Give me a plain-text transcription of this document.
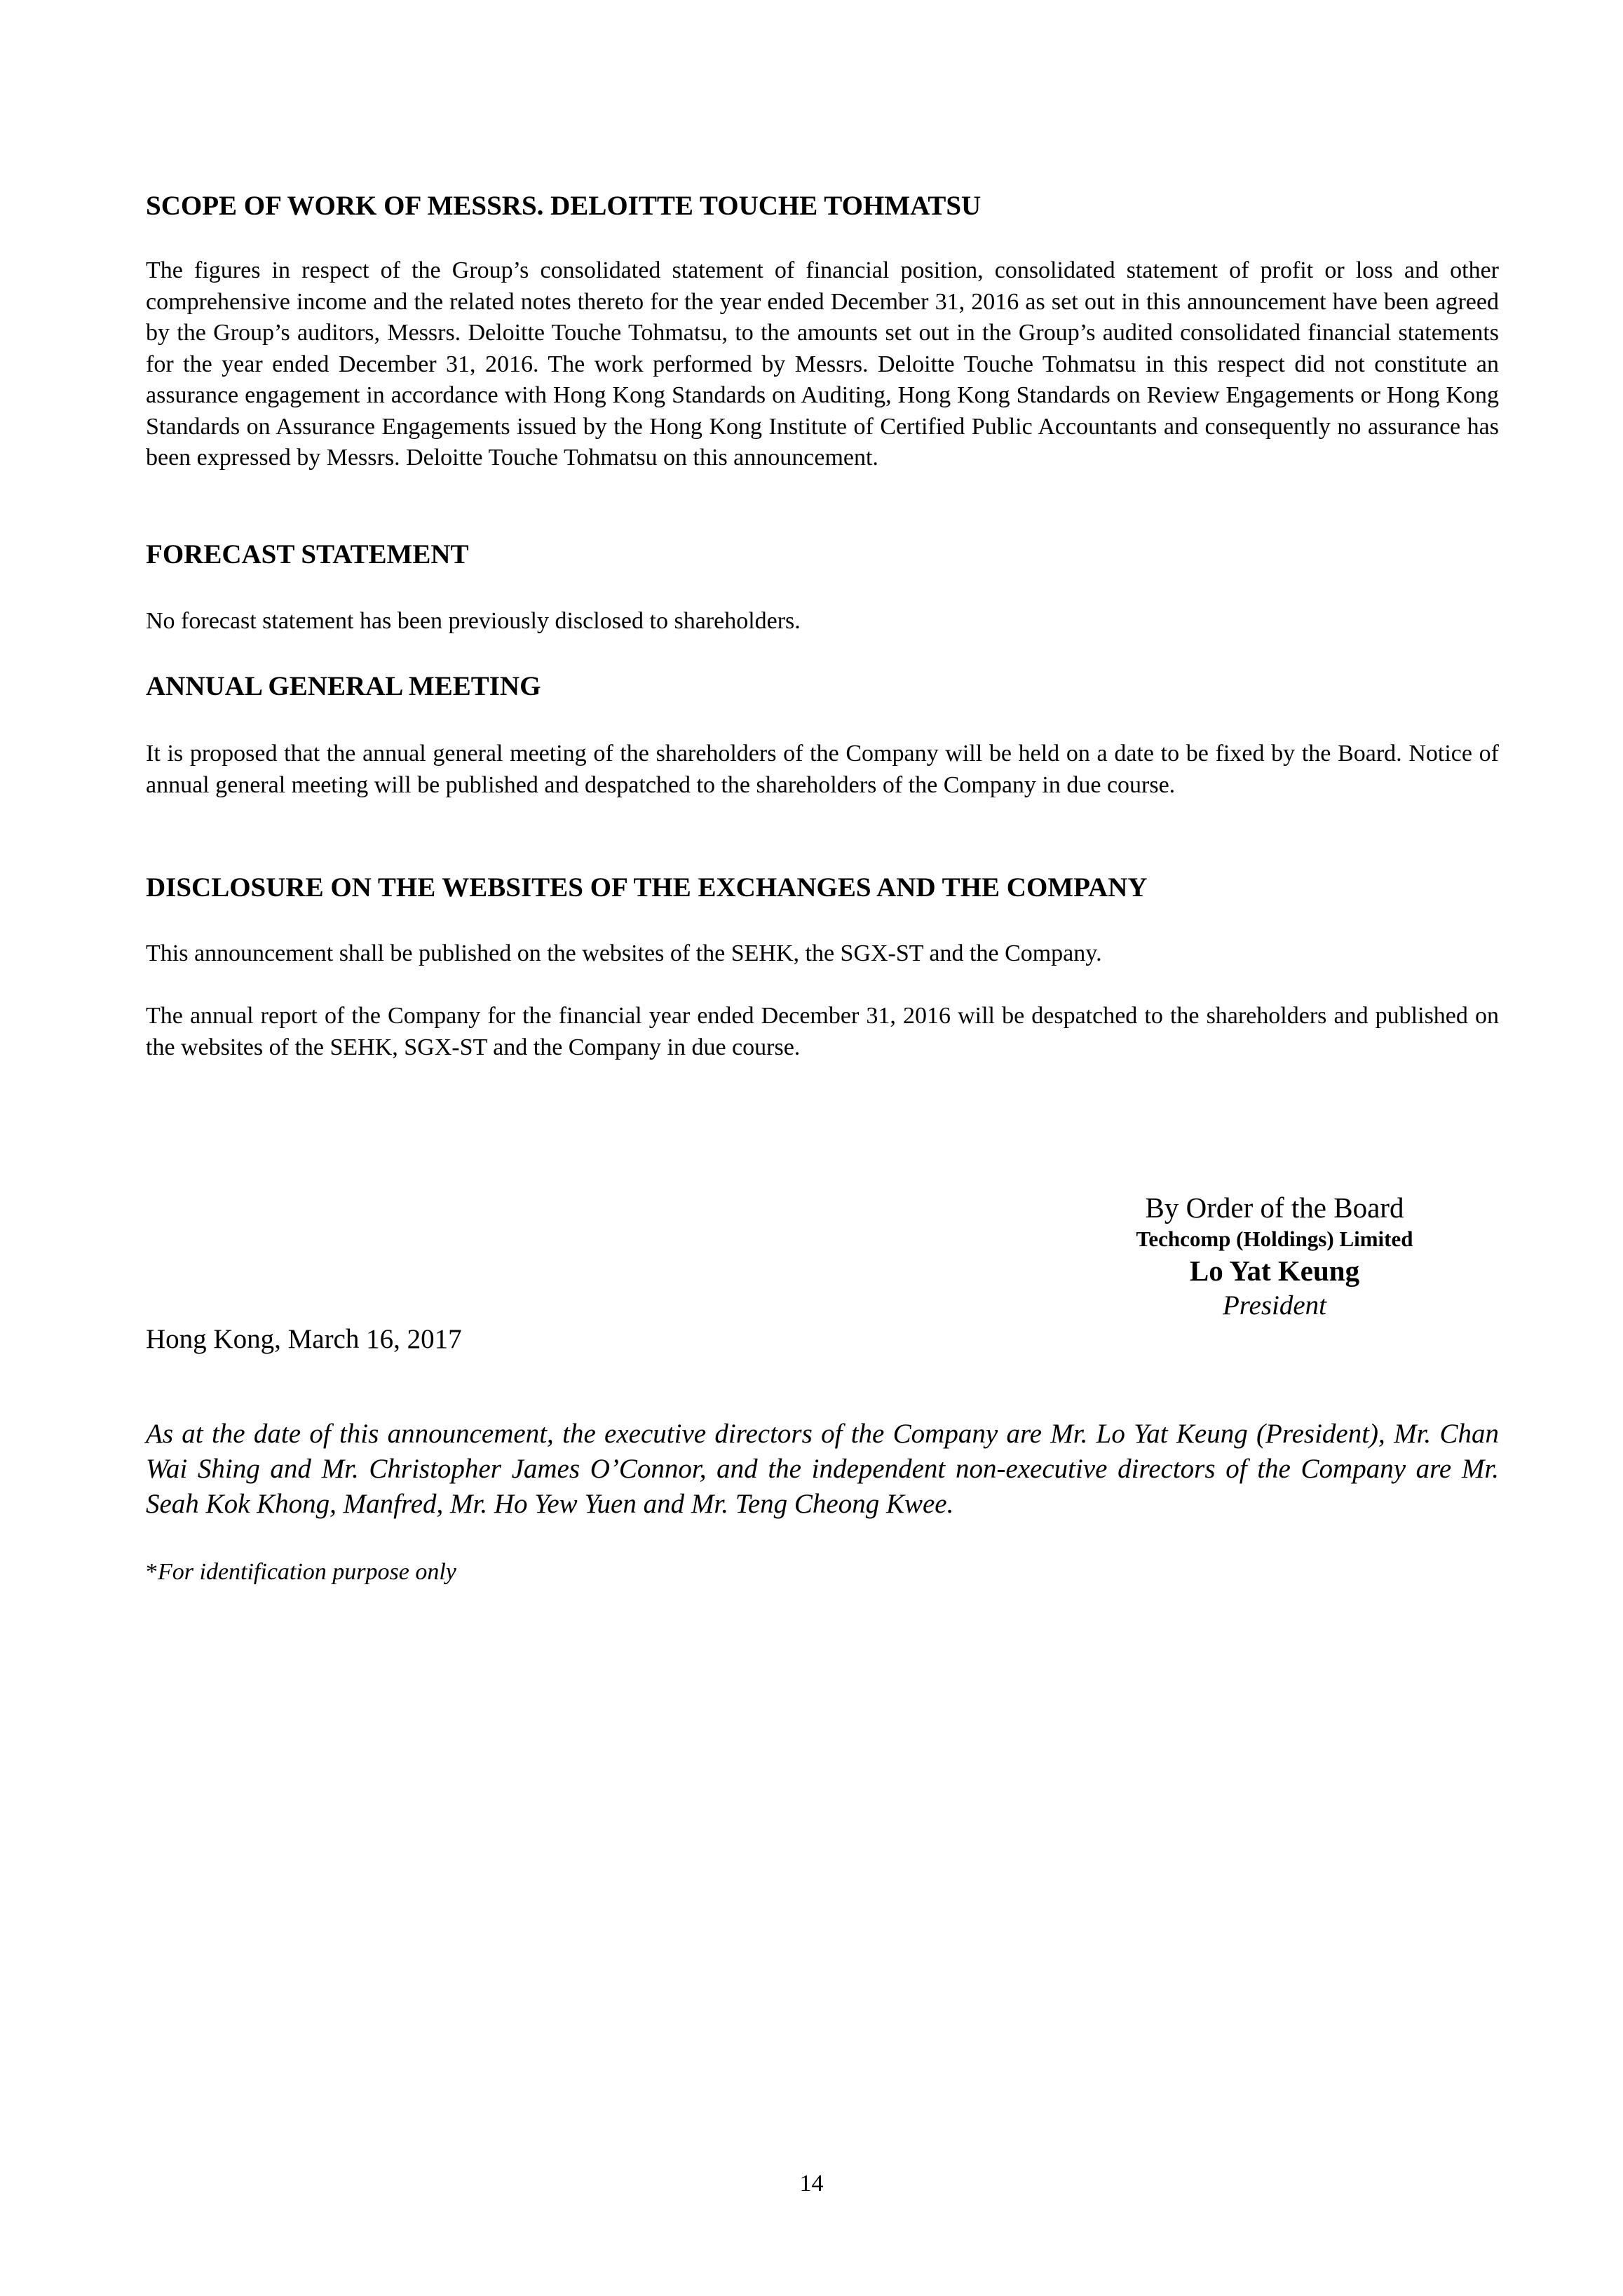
SCOPE OF WORK OF MESSRS. DELOITTE TOUCHE TOHMATSU

The figures in respect of the Group’s consolidated statement of financial position, consolidated statement of profit or loss and other comprehensive income and the related notes thereto for the year ended December 31, 2016 as set out in this announcement have been agreed by the Group’s auditors, Messrs. Deloitte Touche Tohmatsu, to the amounts set out in the Group’s audited consolidated financial statements for the year ended December 31, 2016. The work performed by Messrs. Deloitte Touche Tohmatsu in this respect did not constitute an assurance engagement in accordance with Hong Kong Standards on Auditing, Hong Kong Standards on Review Engagements or Hong Kong Standards on Assurance Engagements issued by the Hong Kong Institute of Certified Public Accountants and consequently no assurance has been expressed by Messrs. Deloitte Touche Tohmatsu on this announcement.

FORECAST STATEMENT

No forecast statement has been previously disclosed to shareholders.

ANNUAL GENERAL MEETING

It is proposed that the annual general meeting of the shareholders of the Company will be held on a date to be fixed by the Board. Notice of annual general meeting will be published and despatched to the shareholders of the Company in due course.

DISCLOSURE ON THE WEBSITES OF THE EXCHANGES AND THE COMPANY

This announcement shall be published on the websites of the SEHK, the SGX-ST and the Company.

The annual report of the Company for the financial year ended December 31, 2016 will be despatched to the shareholders and published on the websites of the SEHK, SGX-ST and the Company in due course.

By Order of the Board
Techcomp (Holdings) Limited
Lo Yat Keung
President
Hong Kong, March 16, 2017

As at the date of this announcement, the executive directors of the Company are Mr. Lo Yat Keung (President), Mr. Chan Wai Shing and Mr. Christopher James O’Connor, and the independent non-executive directors of the Company are Mr. Seah Kok Khong, Manfred, Mr. Ho Yew Yuen and Mr. Teng Cheong Kwee.

*For identification purpose only
14
